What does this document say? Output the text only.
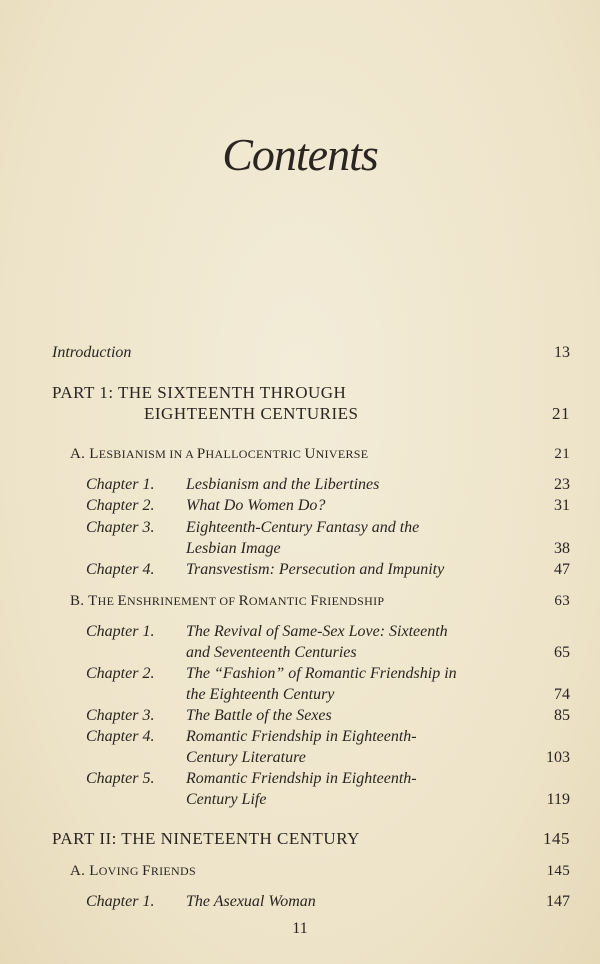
Contents
Introduction	13
PART 1: THE SIXTEENTH THROUGH
EIGHTEENTH CENTURIES	21
A. LESBIANISM IN A PHALLOCENTRIC UNIVERSE	21
Chapter 1. Lesbianism and the Libertines	23
Chapter 2. What Do Women Do?	31
Chapter 3. Eighteenth-Century Fantasy and the
Lesbian Image	38
Chapter 4. Transvestism: Persecution and Impunity	47
B. THE ENSHRINEMENT OF ROMANTIC FRIENDSHIP	63
Chapter 1. The Revival of Same-Sex Love: Sixteenth
and Seventeenth Centuries	65
Chapter 2. The “Fashion” of Romantic Friendship in
the Eighteenth Century	74
Chapter 3. The Battle of the Sexes	85
Chapter 4. Romantic Friendship in Eighteenth-
Century Literature	103
Chapter 5. Romantic Friendship in Eighteenth-
Century Life	119
PART II: THE NINETEENTH CENTURY	145
A. LOVING FRIENDS	145
Chapter 1. The Asexual Woman	147
11
